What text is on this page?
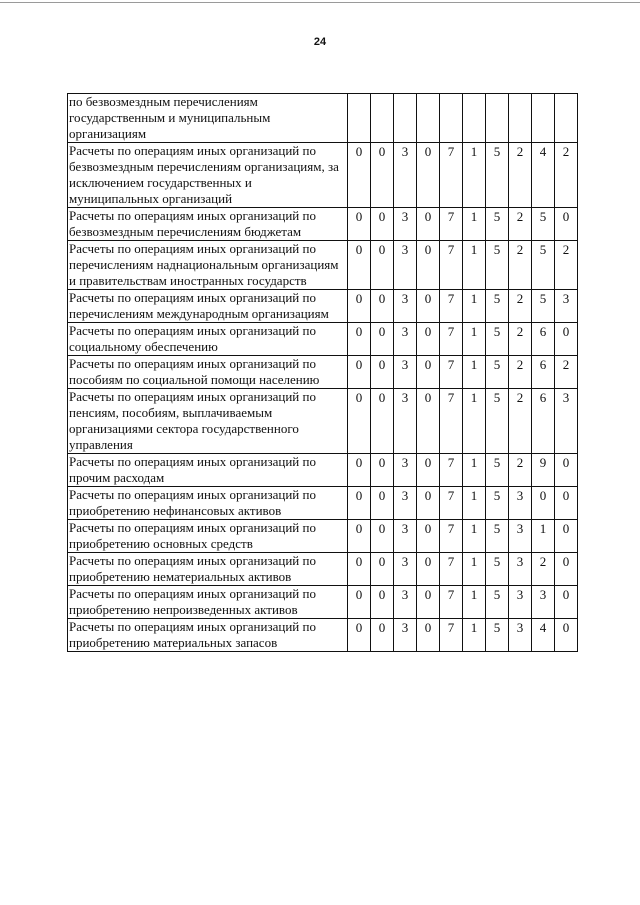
24
по безвозмездным перечислениям государственным и муниципальным организациям										
Расчеты по операциям иных организаций по безвозмездным перечислениям организациям, за исключением государственных и муниципальных организаций	0	0	3	0	7	1	5	2	4	2
Расчеты по операциям иных организаций по безвозмездным перечислениям бюджетам	0	0	3	0	7	1	5	2	5	0
Расчеты по операциям иных организаций по перечислениям наднациональным организациям и правительствам иностранных государств	0	0	3	0	7	1	5	2	5	2
Расчеты по операциям иных организаций по перечислениям международным организациям	0	0	3	0	7	1	5	2	5	3
Расчеты по операциям иных организаций по социальному обеспечению	0	0	3	0	7	1	5	2	6	0
Расчеты по операциям иных организаций по пособиям по социальной помощи населению	0	0	3	0	7	1	5	2	6	2
Расчеты по операциям иных организаций по пенсиям, пособиям, выплачиваемым организациями сектора государственного управления	0	0	3	0	7	1	5	2	6	3
Расчеты по операциям иных организаций по прочим расходам	0	0	3	0	7	1	5	2	9	0
Расчеты по операциям иных организаций по приобретению нефинансовых активов	0	0	3	0	7	1	5	3	0	0
Расчеты по операциям иных организаций по приобретению основных средств	0	0	3	0	7	1	5	3	1	0
Расчеты по операциям иных организаций по приобретению нематериальных активов	0	0	3	0	7	1	5	3	2	0
Расчеты по операциям иных организаций по приобретению непроизведенных активов	0	0	3	0	7	1	5	3	3	0
Расчеты по операциям иных организаций по приобретению материальных запасов	0	0	3	0	7	1	5	3	4	0
